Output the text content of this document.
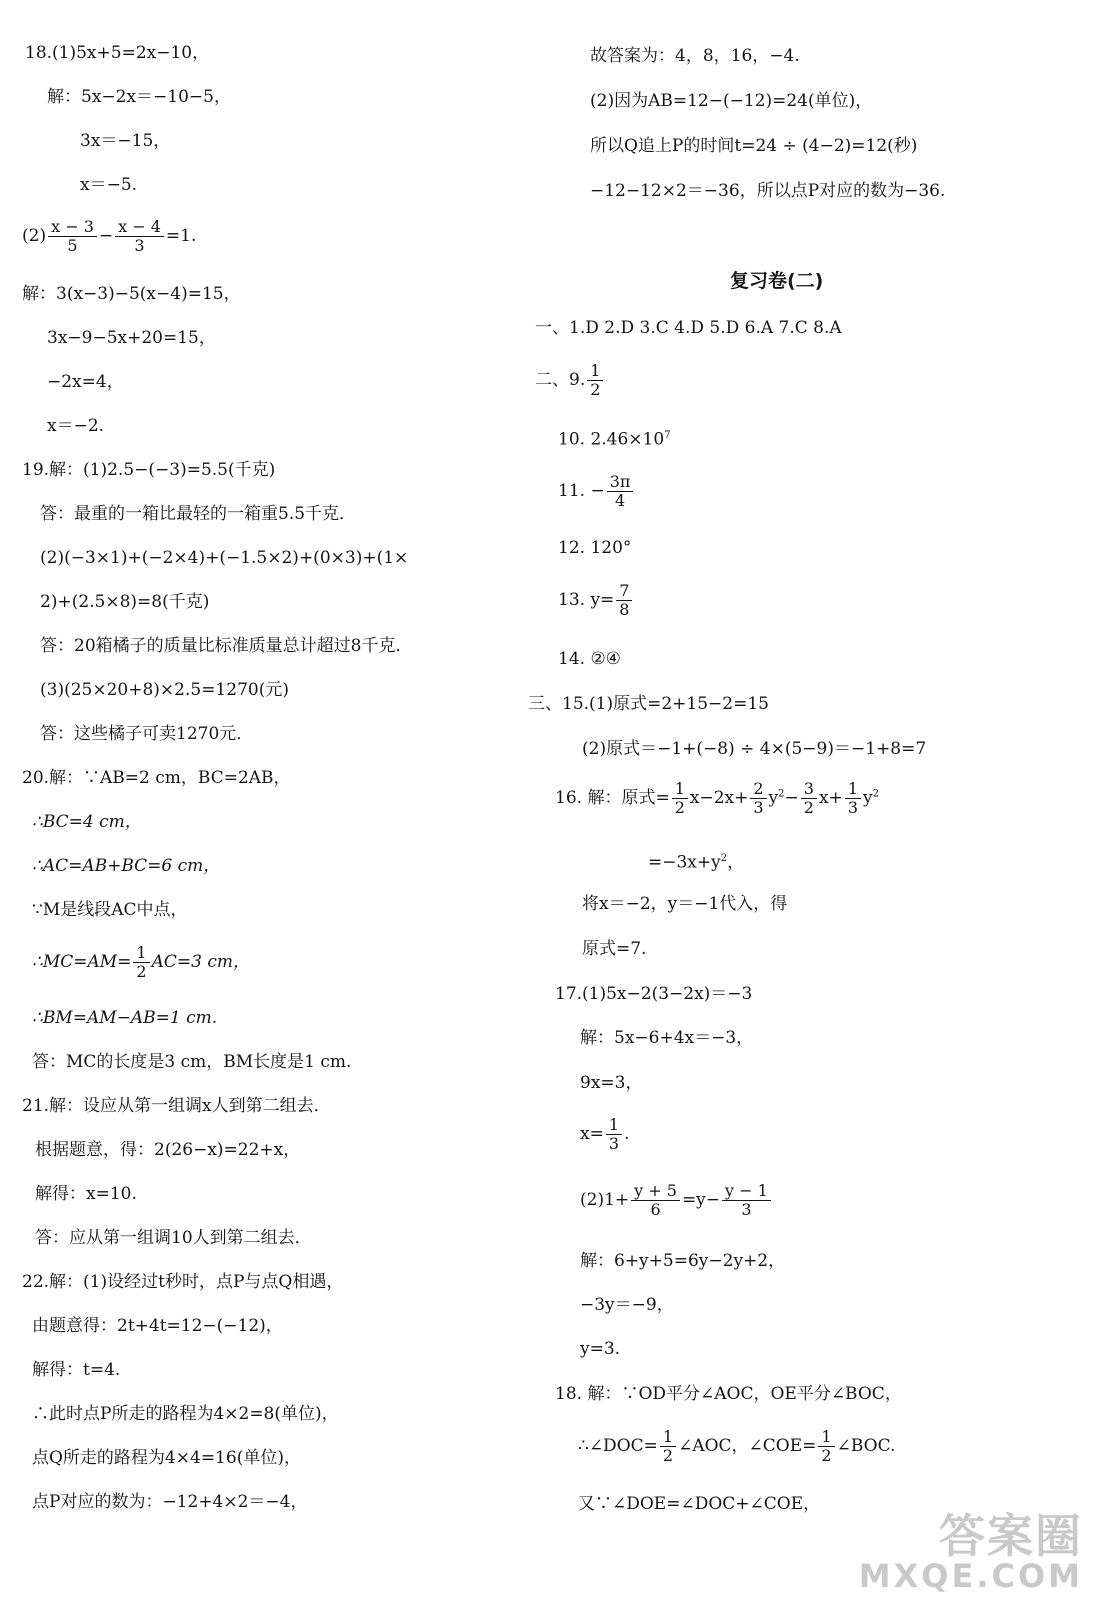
18.(1)5x+5=2x−10，
解：5x−2x＝−10−5，
3x＝−15，
x＝−5.
$(2) \frac{x - 3}{5} - \frac{x - 4}{3} =1$.
解：3(x−3)−5(x−4)=15，
3x−9−5x+20=15，
−2x=4，
x＝−2.
19.解：(1)2.5−(−3)=5.5(千克)
答：最重的一箱比最轻的一箱重5.5千克．
(2)(−3×1)+(−2×4)+(−1.5×2)+(0×3)+(1×
2)+(2.5×8)=8(千克)
答：20箱橘子的质量比标准质量总计超过8千克．
(3)(25×20+8)×2.5=1270(元)
答：这些橘子可卖1270元．
20.解：∵AB=2 cm，BC=2AB，
∴BC=4 cm，
∴AC=AB+BC=6 cm，
∵M是线段AC中点，
∴MC=AM= $\frac{1}{2} AC=3$ cm，
∴BM=AM−AB=1 cm.
答：MC的长度是3 cm，BM长度是1 cm.
21.解：设应从第一组调x人到第二组去．
根据题意，得：2(26−x)=22+x，
解得：x=10.
答：应从第一组调10人到第二组去．
22.解：(1)设经过t秒时，点P与点Q相遇，
由题意得：2t+4t=12−(−12)，
解得：t=4.
∴此时点P所走的路程为4×2=8(单位)，
点Q所走的路程为4×4=16(单位)，
点P对应的数为：−12+4×2＝−4，
故答案为：4，8，16，−4.
(2)因为AB=12−(−12)=24(单位)，
所以Q追上P的时间t=24 ÷ (4−2)=12(秒)
−12−12×2＝−36，所以点P对应的数为−36.
复习卷(二)
一、1.D 2.D 3.C 4.D 5.D 6.A 7.C 8.A
二、9. $\frac{1}{2}$
10. $2.46\times 10^7$
11. − $\frac{3\pi}{4}$
12. 120°
13. $y= \frac{7}{8}$
14. ②④
三、15.(1)原式=2+15−2=15
(2)原式＝−1+(−8) ÷ 4×(5−9)＝−1+8=7
16. 解：原式= $\frac{1}{2} x-2x+ \frac{2}{3} y^2- \frac{3}{2} x+ \frac{1}{3} y^2$
$=-3x+y^2$，
将x＝−2，y＝−1代入，得
原式=7.
17.(1)5x−2(3−2x)＝−3
解：5x−6+4x＝−3，
9x=3，
$x= \frac{1}{3}$ .
$(2)1+ \frac{y + 5}{6} =y- \frac{y - 1}{3}$
解：6+y+5=6y−2y+2，
−3y＝−9，
y=3.
18. 解：∵OD平分∠AOC，OE平分∠BOC，
∴∠DOC= $\frac{1}{2}$ ∠AOC，∠COE= $\frac{1}{2}$ ∠BOC.
又∵∠DOE=∠DOC+∠COE，
答案圈
MXQE.COM
